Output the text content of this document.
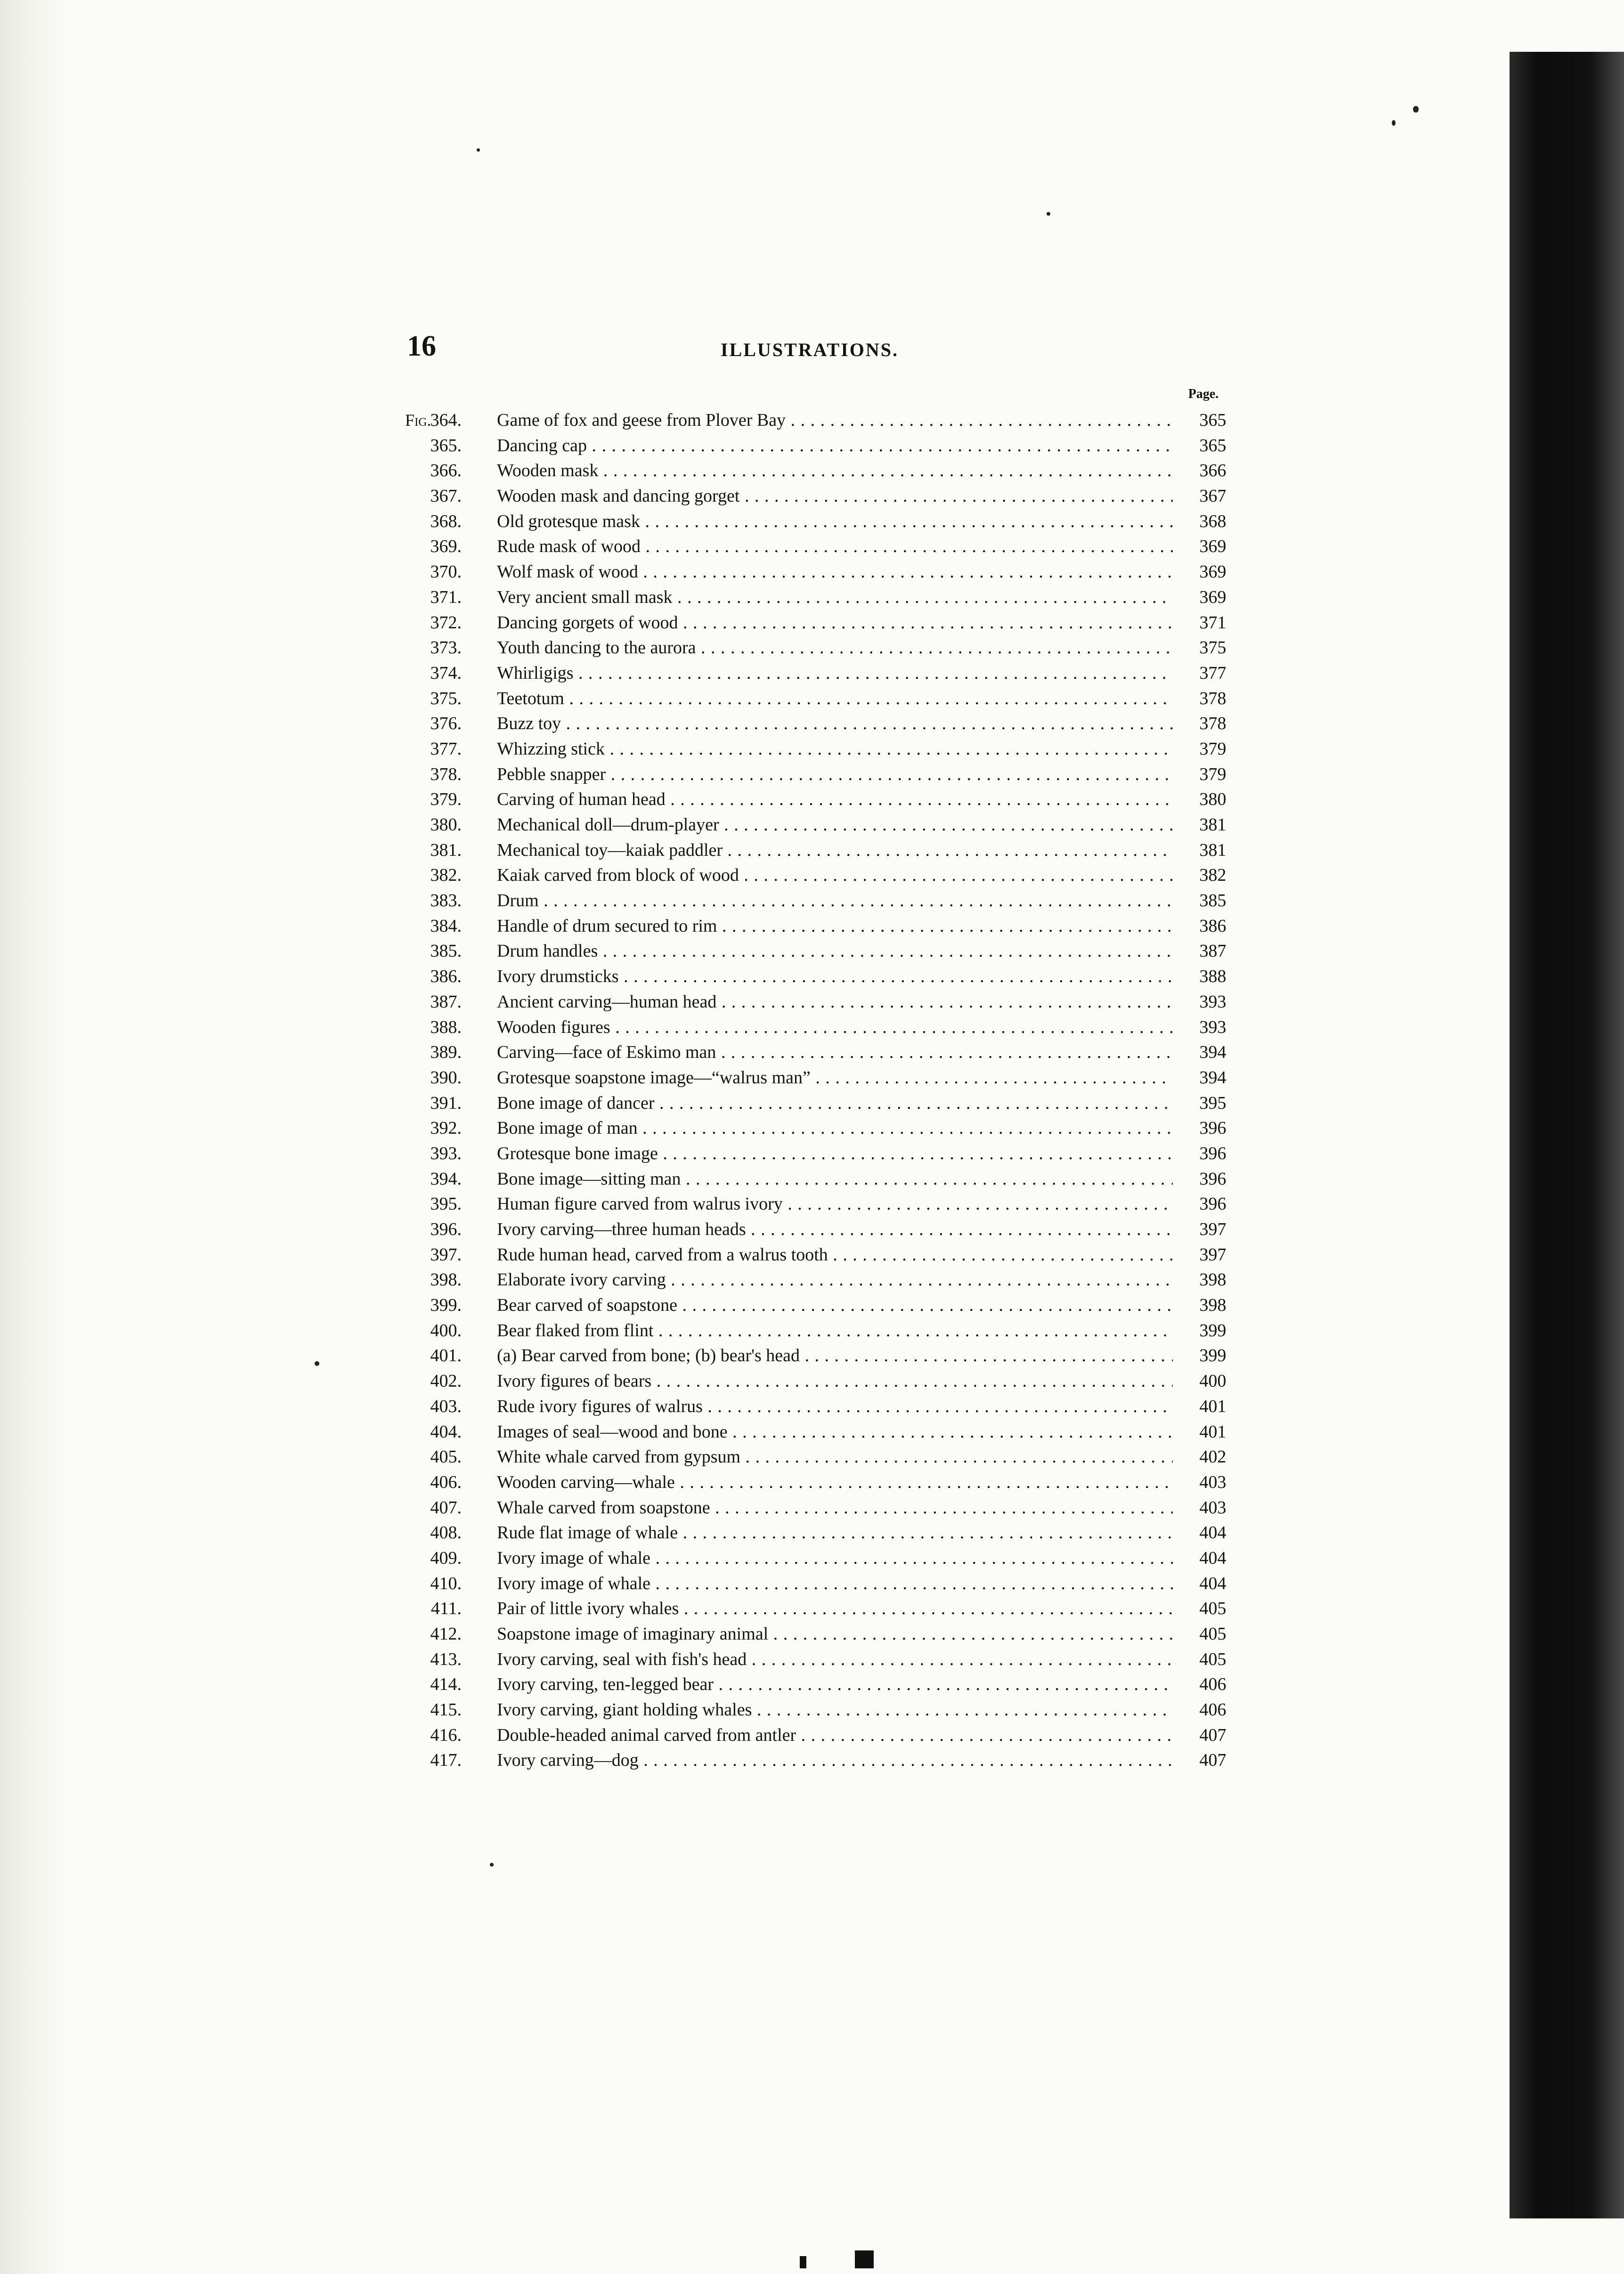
16	ILLUSTRATIONS.
Page.
Fig.
364. Game of fox and geese from Plover Bay . . .	365
365. Dancing cap . . .	365
366. Wooden mask . . .	366
367. Wooden mask and dancing gorget . . .	367
368. Old grotesque mask . . .	368
369. Rude mask of wood . . .	369
370. Wolf mask of wood . . .	369
371. Very ancient small mask . . .	369
372. Dancing gorgets of wood . . .	371
373. Youth dancing to the aurora . . .	375
374. Whirligigs . . .	377
375. Teetotum . . .	378
376. Buzz toy . . .	378
377. Whizzing stick . . .	379
378. Pebble snapper . . .	379
379. Carving of human head . . .	380
380. Mechanical doll—drum-player . . .	381
381. Mechanical toy—kaiak paddler . . .	381
382. Kaiak carved from block of wood . . .	382
383. Drum . . .	385
384. Handle of drum secured to rim . . .	386
385. Drum handles . . .	387
386. Ivory drumsticks . . .	388
387. Ancient carving—human head . . .	393
388. Wooden figures . . .	393
389. Carving—face of Eskimo man . . .	394
390. Grotesque soapstone image—“walrus man” . . .	394
391. Bone image of dancer . . .	395
392. Bone image of man . . .	396
393. Grotesque bone image . . .	396
394. Bone image—sitting man . . .	396
395. Human figure carved from walrus ivory . . .	396
396. Ivory carving—three human heads . . .	397
397. Rude human head, carved from a walrus tooth . . .	397
398. Elaborate ivory carving . . .	398
399. Bear carved of soapstone . . .	398
400. Bear flaked from flint . . .	399
401. (a) Bear carved from bone; (b) bear's head . . .	399
402. Ivory figures of bears . . .	400
403. Rude ivory figures of walrus . . .	401
404. Images of seal—wood and bone . . .	401
405. White whale carved from gypsum . . .	402
406. Wooden carving—whale . . .	403
407. Whale carved from soapstone . . .	403
408. Rude flat image of whale . . .	404
409. Ivory image of whale . . .	404
410. Ivory image of whale . . .	404
411. Pair of little ivory whales . . .	405
412. Soapstone image of imaginary animal . . .	405
413. Ivory carving, seal with fish's head . . .	405
414. Ivory carving, ten-legged bear . . .	406
415. Ivory carving, giant holding whales . . .	406
416. Double-headed animal carved from antler . . .	407
417. Ivory carving—dog . . .	407
